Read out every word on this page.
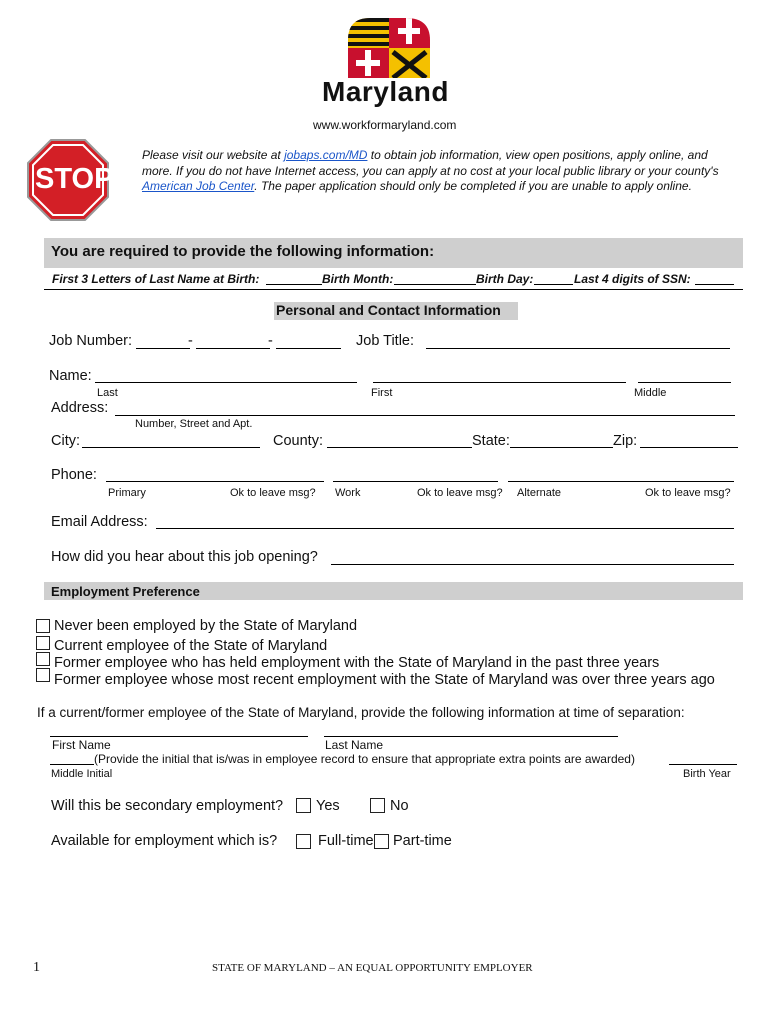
Maryland
www.workformaryland.com
STOP
Please visit our website at jobaps.com/MD to obtain job information, view open positions, apply online, and more. If you do not have Internet access, you can apply at no cost at your local public library or your county's American Job Center. The paper application should only be completed if you are unable to apply online.
You are required to provide the following information:
First 3 Letters of Last Name at Birth:	Birth Month:	Birth Day:	Last 4 digits of SSN:
Personal and Contact Information
Job Number:	-	-	Job Title:
Name:
Last	First	Middle
Address:
Number, Street and Apt.
City:	County:	State:	Zip:
Phone:
Primary	Ok to leave msg? Work	Ok to leave msg? Alternate	Ok to leave msg?
Email Address:
How did you hear about this job opening?
Employment Preference
Never been employed by the State of Maryland
Current employee of the State of Maryland
Former employee who has held employment with the State of Maryland in the past three years
Former employee whose most recent employment with the State of Maryland was over three years ago
If a current/former employee of the State of Maryland, provide the following information at time of separation:
First Name	Last Name
(Provide the initial that is/was in employee record to ensure that appropriate extra points are awarded)
Middle Initial	Birth Year
Will this be secondary employment? Yes	No
Available for employment which is?	Full-time Part-time
1	STATE OF MARYLAND – AN EQUAL OPPORTUNITY EMPLOYER
